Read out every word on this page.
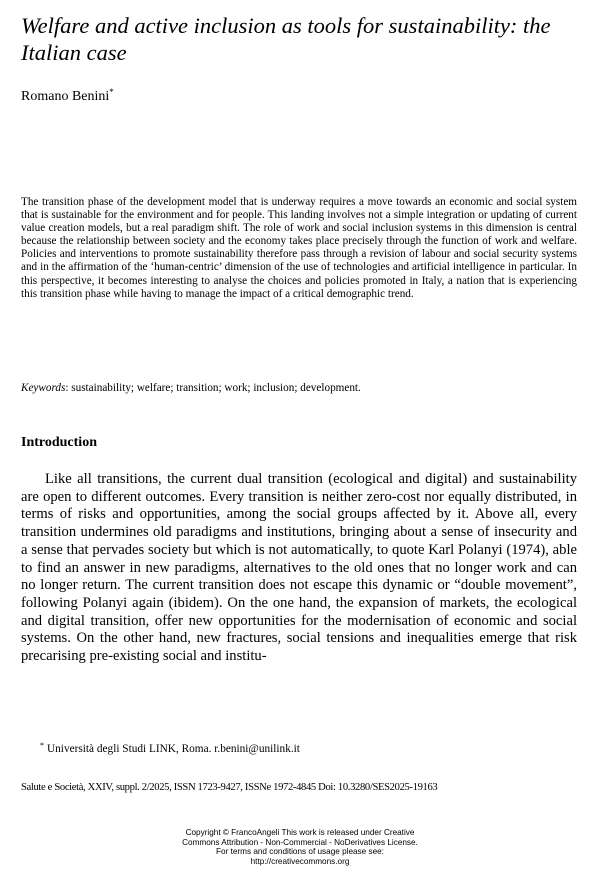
Welfare and active inclusion as tools for sustainability: the Italian case
Romano Benini*

The transition phase of the development model that is underway requires a move towards an economic and social system that is sustainable for the environment and for people. This landing involves not a simple integration or updating of current value creation models, but a real paradigm shift. The role of work and social inclusion systems in this dimension is central because the relationship between society and the economy takes place precisely through the function of work and welfare. Policies and interventions to promote sustainability therefore pass through a revision of labour and social security systems and in the affirmation of the ‘human-centric’ dimension of the use of technologies and artificial intelligence in particular. In this perspective, it becomes interesting to analyse the choices and policies promoted in Italy, a nation that is experiencing this transition phase while having to manage the impact of a critical demographic trend.

Keywords: sustainability; welfare; transition; work; inclusion; development.

Introduction

Like all transitions, the current dual transition (ecological and digital) and sustainability are open to different outcomes. Every transition is neither zero-cost nor equally distributed, in terms of risks and opportunities, among the social groups affected by it. Above all, every transition undermines old paradigms and institutions, bringing about a sense of insecurity and a sense that pervades society but which is not automatically, to quote Karl Polanyi (1974), able to find an answer in new paradigms, alternatives to the old ones that no longer work and can no longer return. The current transition does not escape this dynamic or “double movement”, following Polanyi again (ibidem). On the one hand, the expansion of markets, the ecological and digital transition, offer new opportunities for the modernisation of economic and social systems. On the other hand, new fractures, social tensions and inequalities emerge that risk precarising pre-existing social and institu-

* Università degli Studi LINK, Roma. r.benini@unilink.it
Salute e Società, XXIV, suppl. 2/2025, ISSN 1723-9427, ISSNe 1972-4845 Doi: 10.3280/SES2025-19163
Copyright © FrancoAngeli This work is released under Creative
Commons Attribution - Non-Commercial - NoDerivatives License.
For terms and conditions of usage please see:
http://creativecommons.org
